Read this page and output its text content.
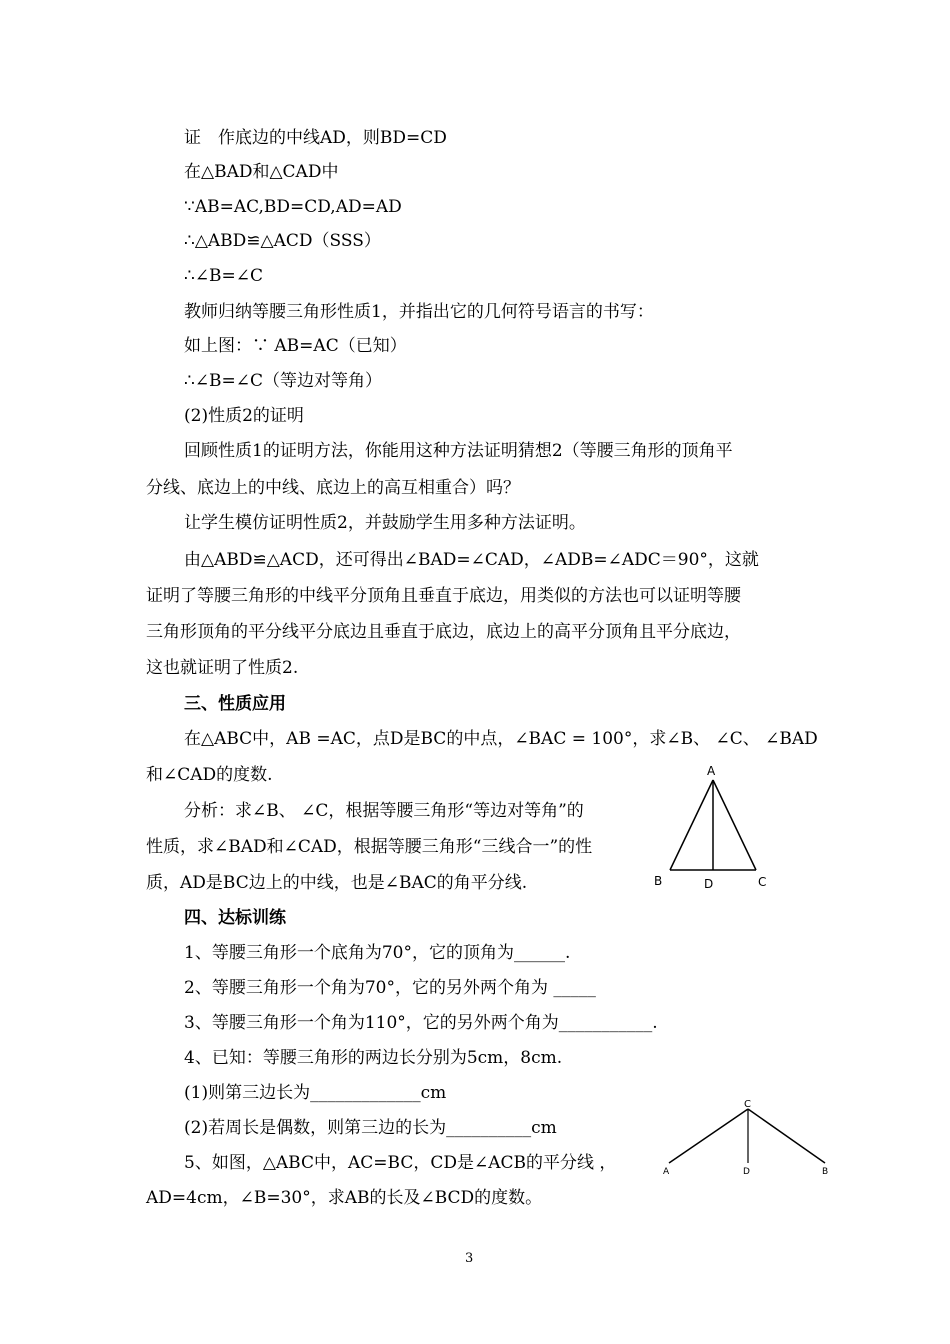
证　作底边的中线AD，则BD=CD
在△BAD和△CAD中
∵AB=AC,BD=CD,AD=AD
∴△ABD≌△ACD（SSS）
∴∠B=∠C
教师归纳等腰三角形性质1，并指出它的几何符号语言的书写：
如上图：∵ AB=AC（已知）
∴∠B=∠C（等边对等角）
(2)性质2的证明
回顾性质1的证明方法，你能用这种方法证明猜想2（等腰三角形的顶角平
分线、底边上的中线、底边上的高互相重合）吗？
让学生模仿证明性质2，并鼓励学生用多种方法证明。
由△ABD≌△ACD，还可得出∠BAD=∠CAD，∠ADB=∠ADC＝90°，这就
证明了等腰三角形的中线平分顶角且垂直于底边，用类似的方法也可以证明等腰
三角形顶角的平分线平分底边且垂直于底边，底边上的高平分顶角且平分底边，
这也就证明了性质2.
三、性质应用
在△ABC中，AB =AC，点D是BC的中点，∠BAC = 100°，求∠B、 ∠C、 ∠BAD
和∠CAD的度数.
分析：求∠B、 ∠C，根据等腰三角形“等边对等角”的
性质，求∠BAD和∠CAD，根据等腰三角形“三线合一”的性
质，AD是BC边上的中线，也是∠BAC的角平分线.
四、达标训练
1、等腰三角形一个底角为70°，它的顶角为______.
2、等腰三角形一个角为70°，它的另外两个角为 _____
3、等腰三角形一个角为110°，它的另外两个角为___________.
4、已知：等腰三角形的两边长分别为5cm，8cm.
(1)则第三边长为_____________cm
(2)若周长是偶数，则第三边的长为__________cm
5、如图，△ABC中，AC=BC，CD是∠ACB的平分线 ，
AD=4cm，∠B=30°，求AB的长及∠BCD的度数。
A
B	D	C
C
A	D	B
3
